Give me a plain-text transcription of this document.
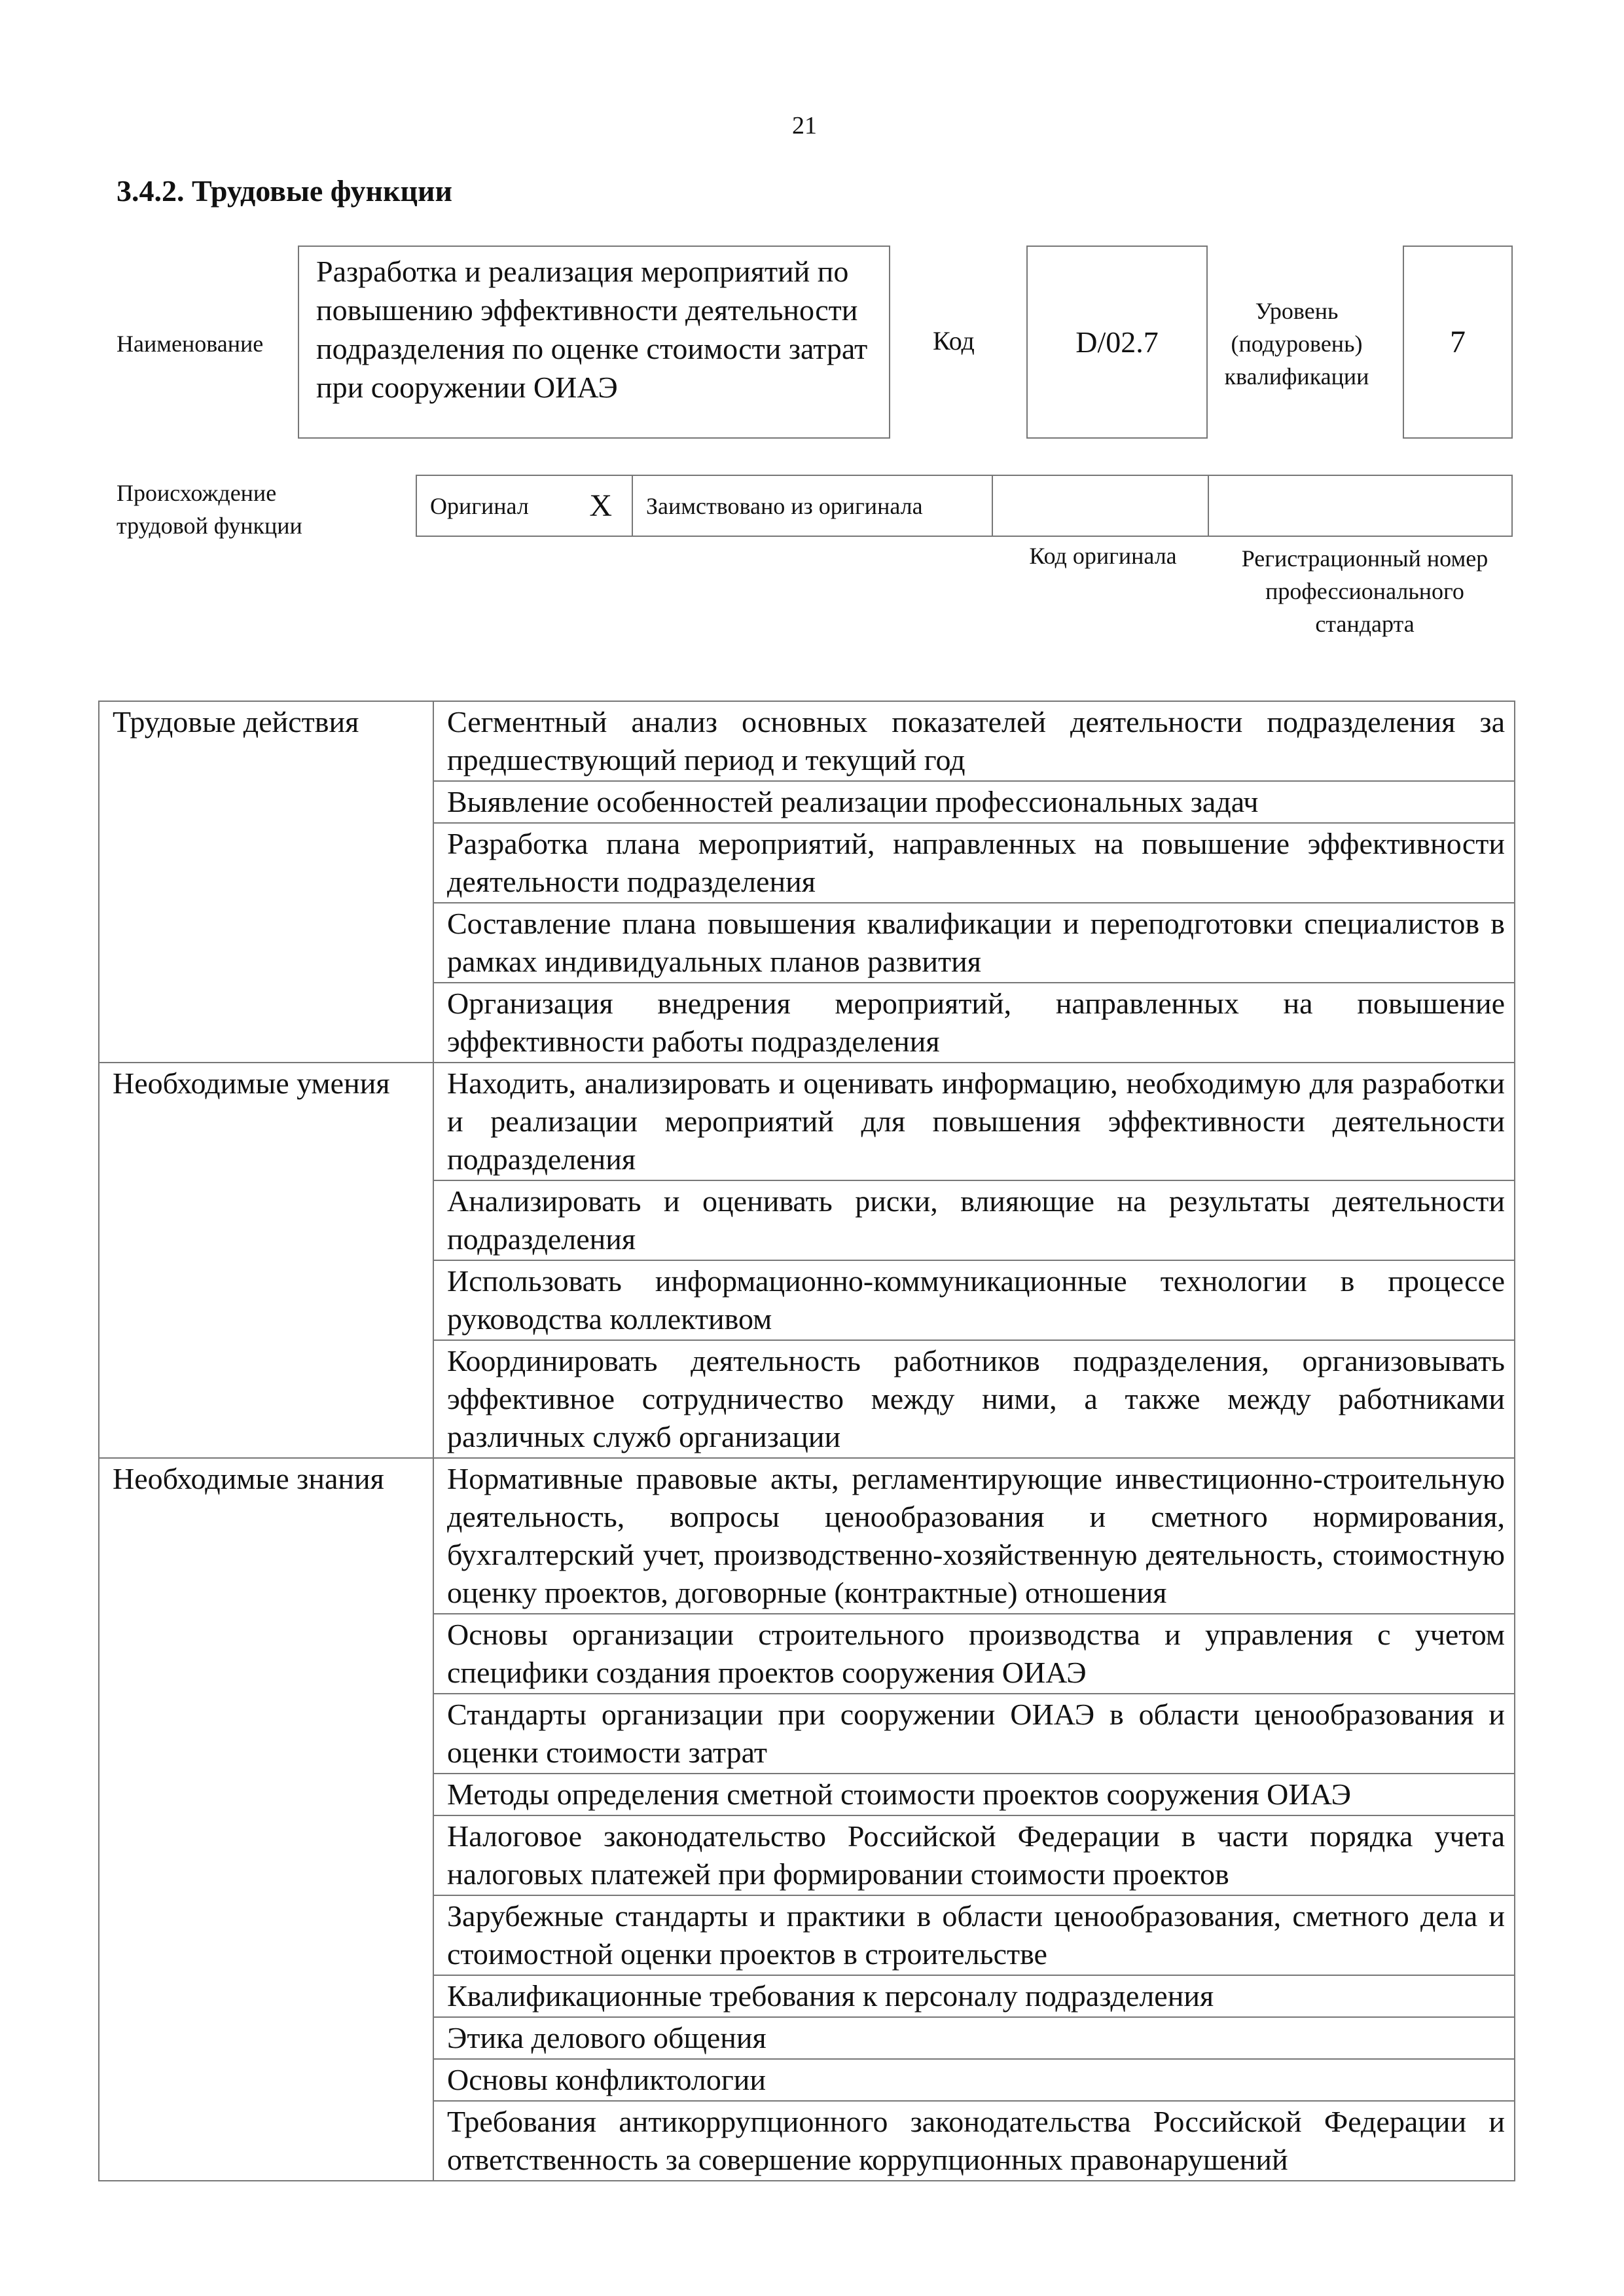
21
3.4.2. Трудовые функции
Наименование
Разработка и реализация мероприятий по повышению эффективности деятельности подразделения по оценке стоимости затрат при сооружении ОИАЭ
Код	D/02.7
Уровень (подуровень) квалификации
7
Происхождение трудовой функции
Оригинал X	Заимствовано из оригинала
Код оригинала	Регистрационный номер профессионального стандарта
Трудовые действия	Сегментный анализ основных показателей деятельности подразделения за предшествующий период и текущий год
	Выявление особенностей реализации профессиональных задач
	Разработка плана мероприятий, направленных на повышение эффективности деятельности подразделения
	Составление плана повышения квалификации и переподготовки специалистов в рамках индивидуальных планов развития
	Организация внедрения мероприятий, направленных на повышение эффективности работы подразделения
Необходимые умения	Находить, анализировать и оценивать информацию, необходимую для разработки и реализации мероприятий для повышения эффективности деятельности подразделения
	Анализировать и оценивать риски, влияющие на результаты деятельности подразделения
	Использовать информационно-коммуникационные технологии в процессе руководства коллективом
	Координировать деятельность работников подразделения, организовывать эффективное сотрудничество между ними, а также между работниками различных служб организации
Необходимые знания	Нормативные правовые акты, регламентирующие инвестиционно-строительную деятельность, вопросы ценообразования и сметного нормирования, бухгалтерский учет, производственно-хозяйственную деятельность, стоимостную оценку проектов, договорные (контрактные) отношения
	Основы организации строительного производства и управления с учетом специфики создания проектов сооружения ОИАЭ
	Стандарты организации при сооружении ОИАЭ в области ценообразования и оценки стоимости затрат
	Методы определения сметной стоимости проектов сооружения ОИАЭ
	Налоговое законодательство Российской Федерации в части порядка учета налоговых платежей при формировании стоимости проектов
	Зарубежные стандарты и практики в области ценообразования, сметного дела и стоимостной оценки проектов в строительстве
	Квалификационные требования к персоналу подразделения
	Этика делового общения
	Основы конфликтологии
	Требования антикоррупционного законодательства Российской Федерации и ответственность за совершение коррупционных правонарушений
